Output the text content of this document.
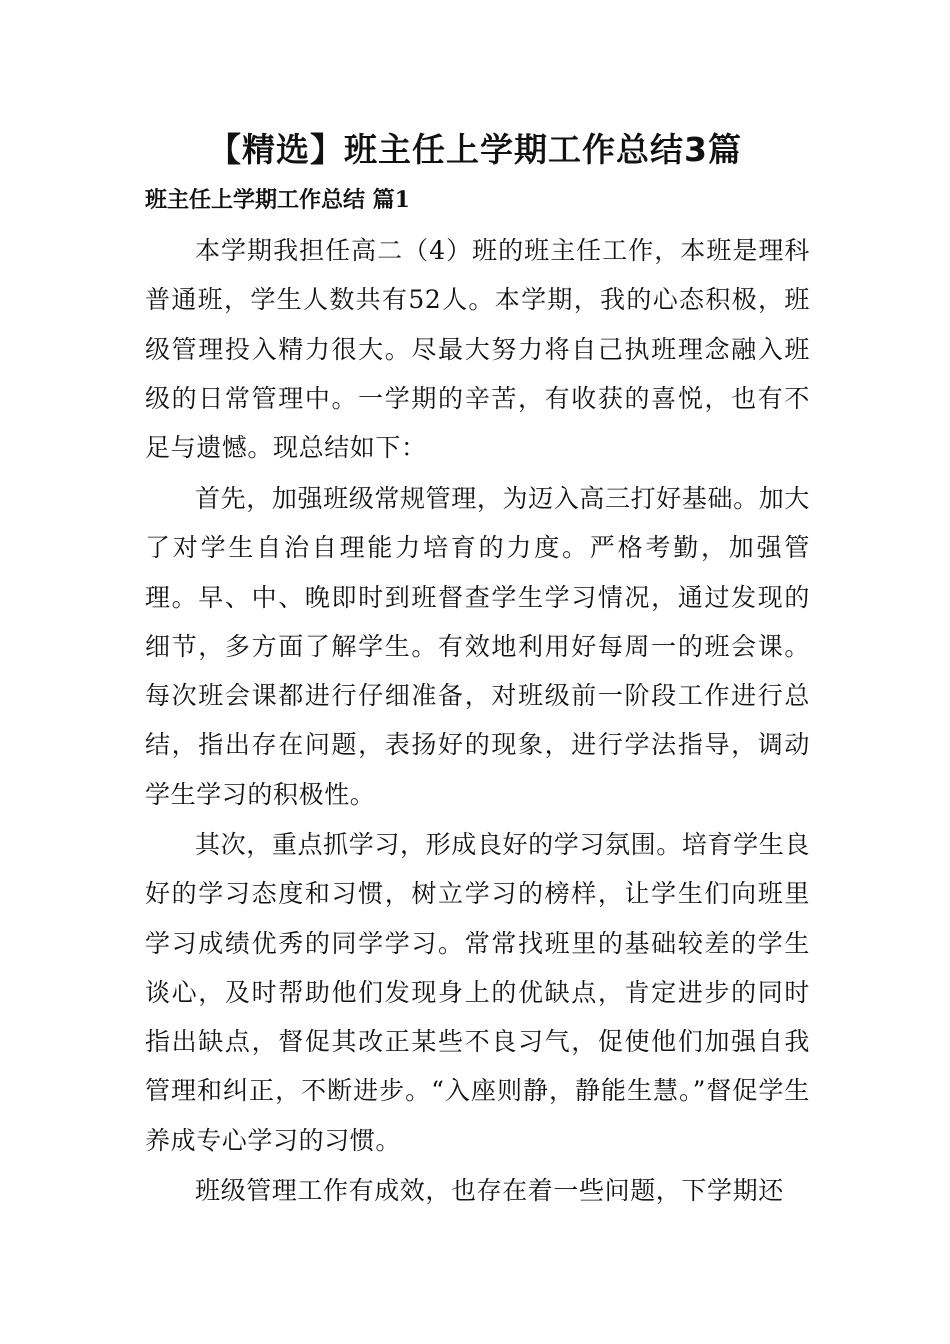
【精选】班主任上学期工作总结3篇
班主任上学期工作总结 篇1

本学期我担任高二（4）班的班主任工作，本班是理科普通班，学生人数共有52人。本学期，我的心态积极，班级管理投入精力很大。尽最大努力将自己执班理念融入班级的日常管理中。一学期的辛苦，有收获的喜悦，也有不足与遗憾。现总结如下：

首先，加强班级常规管理，为迈入高三打好基础。加大了对学生自治自理能力培育的力度。严格考勤，加强管理。早、中、晚即时到班督查学生学习情况，通过发现的细节，多方面了解学生。有效地利用好每周一的班会课。每次班会课都进行仔细准备，对班级前一阶段工作进行总结，指出存在问题，表扬好的现象，进行学法指导，调动学生学习的积极性。

其次，重点抓学习，形成良好的学习氛围。培育学生良好的学习态度和习惯，树立学习的榜样，让学生们向班里学习成绩优秀的同学学习。常常找班里的基础较差的学生谈心，及时帮助他们发现身上的优缺点，肯定进步的同时指出缺点，督促其改正某些不良习气，促使他们加强自我管理和纠正，不断进步。“入座则静，静能生慧。”督促学生养成专心学习的习惯。

班级管理工作有成效，也存在着一些问题，下学期还
